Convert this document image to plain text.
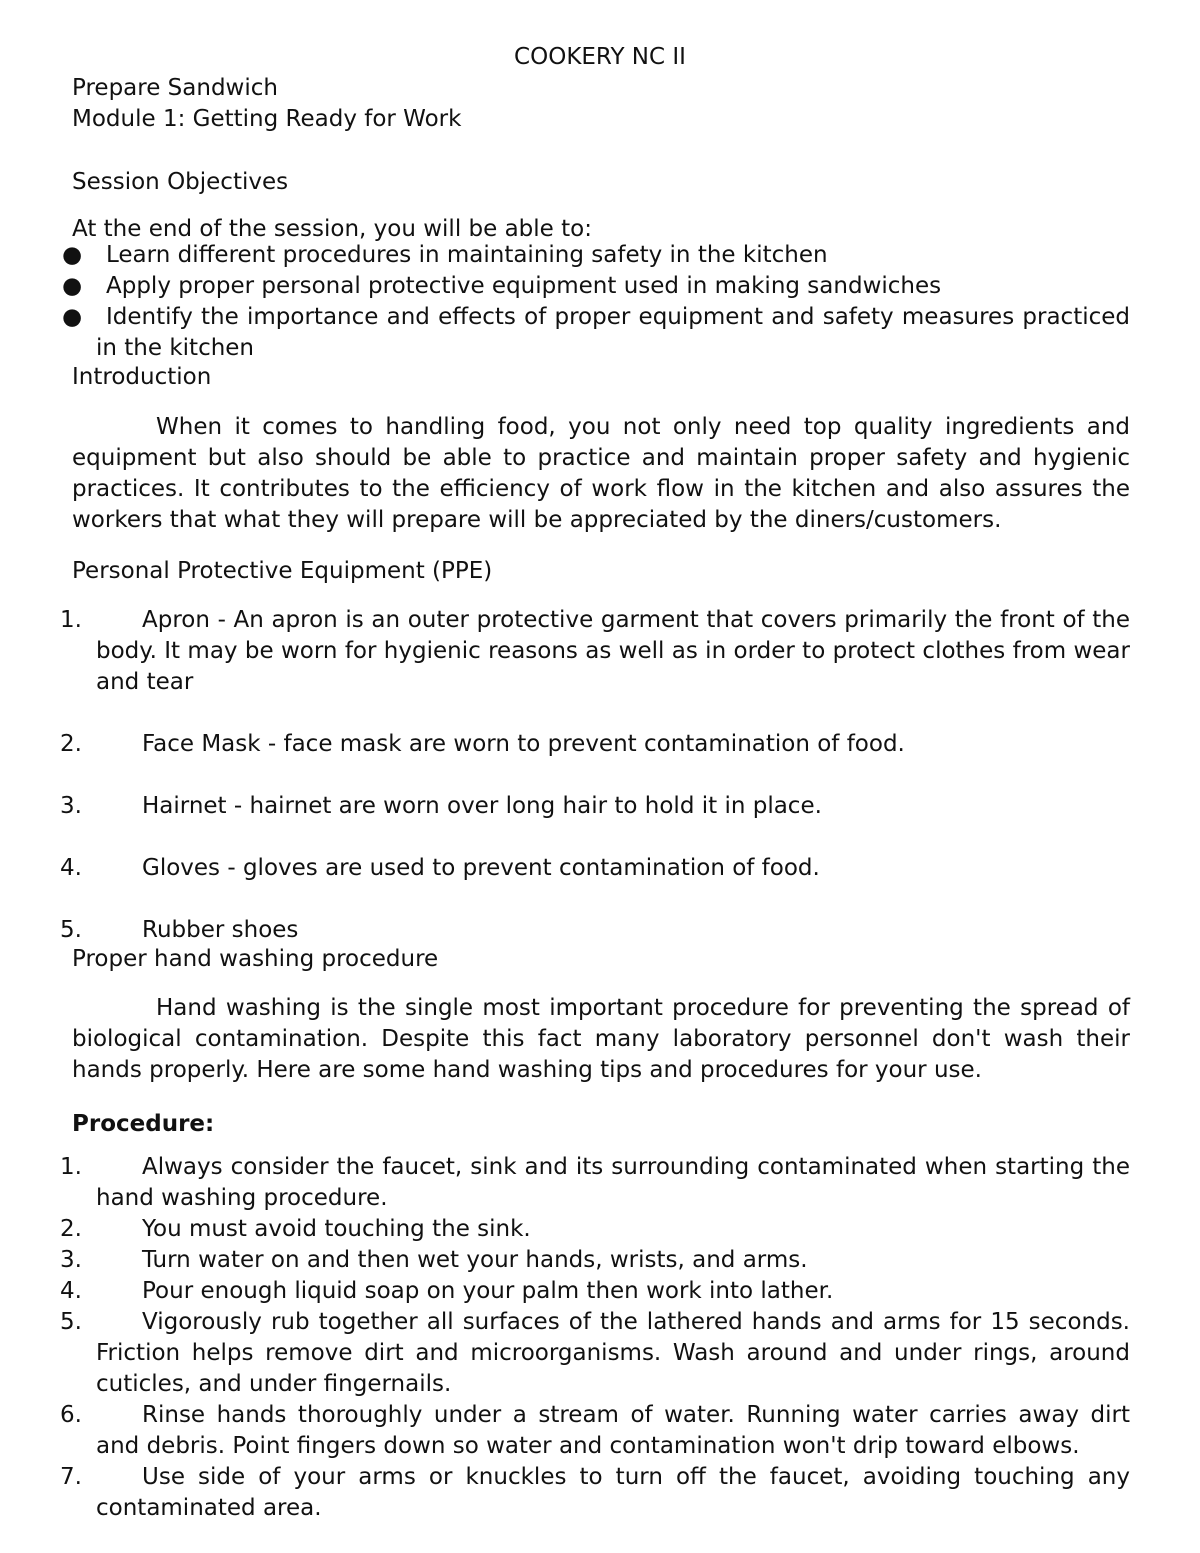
COOKERY NC II
Prepare Sandwich
Module 1: Getting Ready for Work
Session Objectives
At the end of the session, you will be able to:
● Learn different procedures in maintaining safety in the kitchen
● Apply proper personal protective equipment used in making sandwiches
● Identify the importance and effects of proper equipment and safety measures practiced in the kitchen
Introduction
When it comes to handling food, you not only need top quality ingredients and equipment but also should be able to practice and maintain proper safety and hygienic practices. It contributes to the efficiency of work flow in the kitchen and also assures the workers that what they will prepare will be appreciated by the diners/customers.
Personal Protective Equipment (PPE)
1.	Apron - An apron is an outer protective garment that covers primarily the front of the body. It may be worn for hygienic reasons as well as in order to protect clothes from wear and tear
2.	Face Mask - face mask are worn to prevent contamination of food.
3.	Hairnet - hairnet are worn over long hair to hold it in place.
4.	Gloves - gloves are used to prevent contamination of food.
5.	Rubber shoes
Proper hand washing procedure
Hand washing is the single most important procedure for preventing the spread of biological contamination. Despite this fact many laboratory personnel don't wash their hands properly. Here are some hand washing tips and procedures for your use.
Procedure:
1.	Always consider the faucet, sink and its surrounding contaminated when starting the hand washing procedure.
2.	You must avoid touching the sink.
3.	Turn water on and then wet your hands, wrists, and arms.
4.	Pour enough liquid soap on your palm then work into lather.
5.	Vigorously rub together all surfaces of the lathered hands and arms for 15 seconds. Friction helps remove dirt and microorganisms. Wash around and under rings, around cuticles, and under fingernails.
6.	Rinse hands thoroughly under a stream of water. Running water carries away dirt and debris. Point fingers down so water and contamination won't drip toward elbows.
7.	Use side of your arms or knuckles to turn off the faucet, avoiding touching any contaminated area.
